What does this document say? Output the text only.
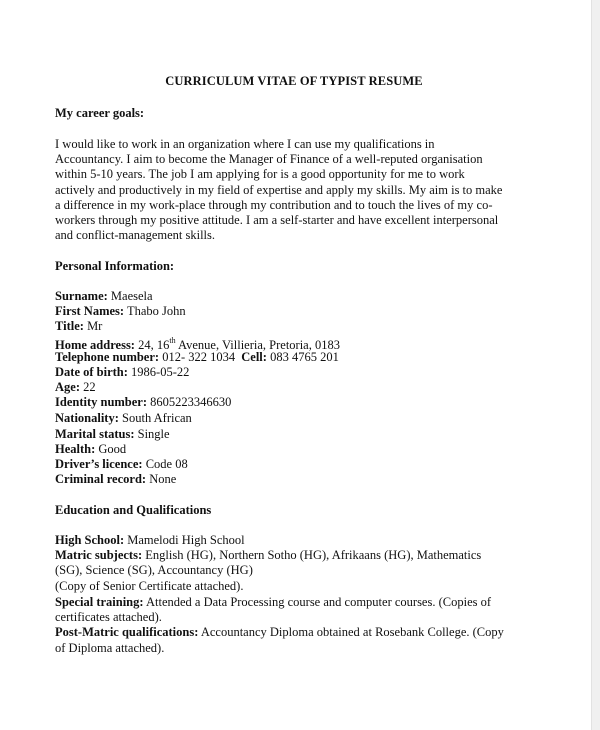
CURRICULUM VITAE OF TYPIST RESUME
My career goals:
I would like to work in an organization where I can use my qualifications in
Accountancy. I aim to become the Manager of Finance of a well-reputed organisation
within 5-10 years. The job I am applying for is a good opportunity for me to work
actively and productively in my field of expertise and apply my skills. My aim is to make
a difference in my work-place through my contribution and to touch the lives of my co-
workers through my positive attitude. I am a self-starter and have excellent interpersonal
and conflict-management skills.
Personal Information:
Surname: Maesela
First Names: Thabo John
Title: Mr
Home address: 24, 16th Avenue, Villieria, Pretoria, 0183
Telephone number: 012- 322 1034 Cell: 083 4765 201
Date of birth: 1986-05-22
Age: 22
Identity number: 8605223346630
Nationality: South African
Marital status: Single
Health: Good
Driver’s licence: Code 08
Criminal record: None
Education and Qualifications
High School: Mamelodi High School
Matric subjects: English (HG), Northern Sotho (HG), Afrikaans (HG), Mathematics
(SG), Science (SG), Accountancy (HG)
(Copy of Senior Certificate attached).
Special training: Attended a Data Processing course and computer courses. (Copies of
certificates attached).
Post-Matric qualifications: Accountancy Diploma obtained at Rosebank College. (Copy
of Diploma attached).
